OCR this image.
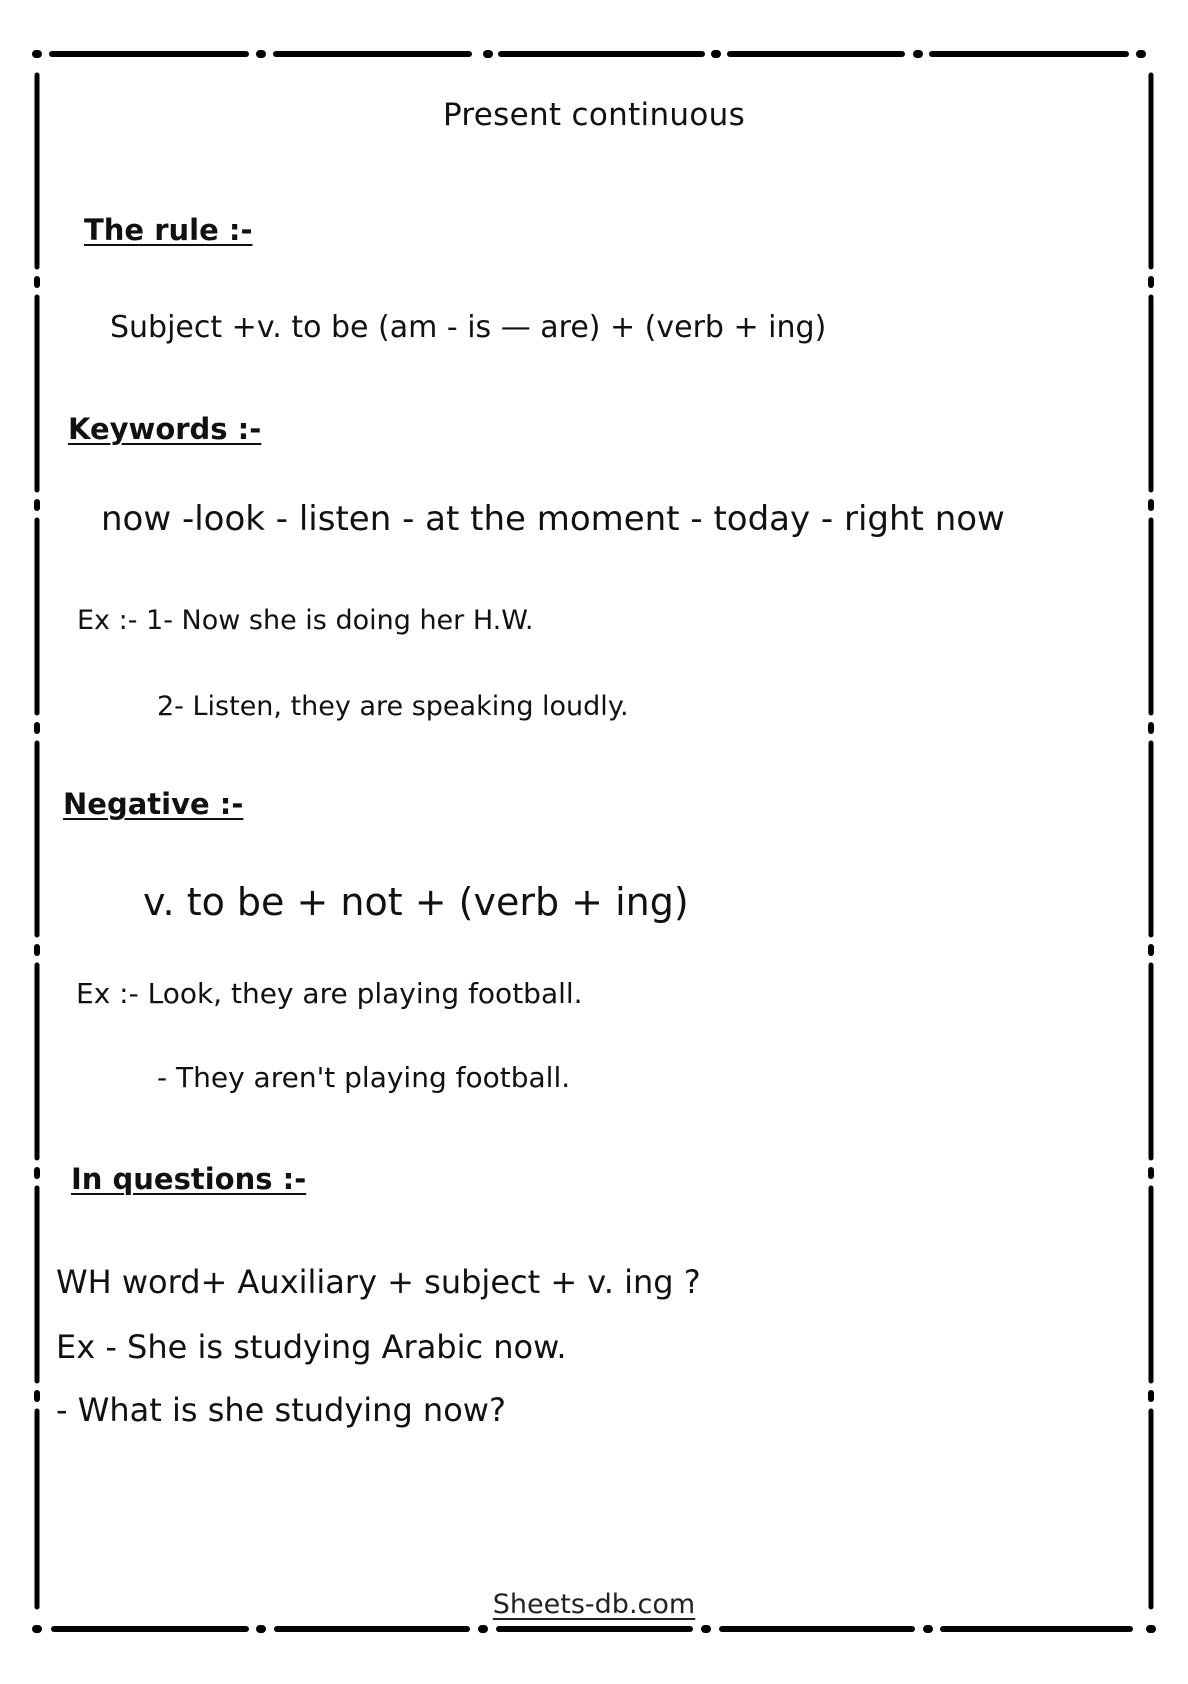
Present continuous
The rule :-
Subject +v. to be (am - is — are) + (verb + ing)
Keywords :-
now -look - listen - at the moment - today - right now
Ex :- 1- Now she is doing her H.W.
2- Listen, they are speaking loudly.
Negative :-
v. to be + not + (verb + ing)
Ex :- Look, they are playing football.
- They aren't playing football.
In questions :-
WH word+ Auxiliary + subject + v. ing ?
Ex - She is studying Arabic now.
- What is she studying now?
Sheets-db.com
